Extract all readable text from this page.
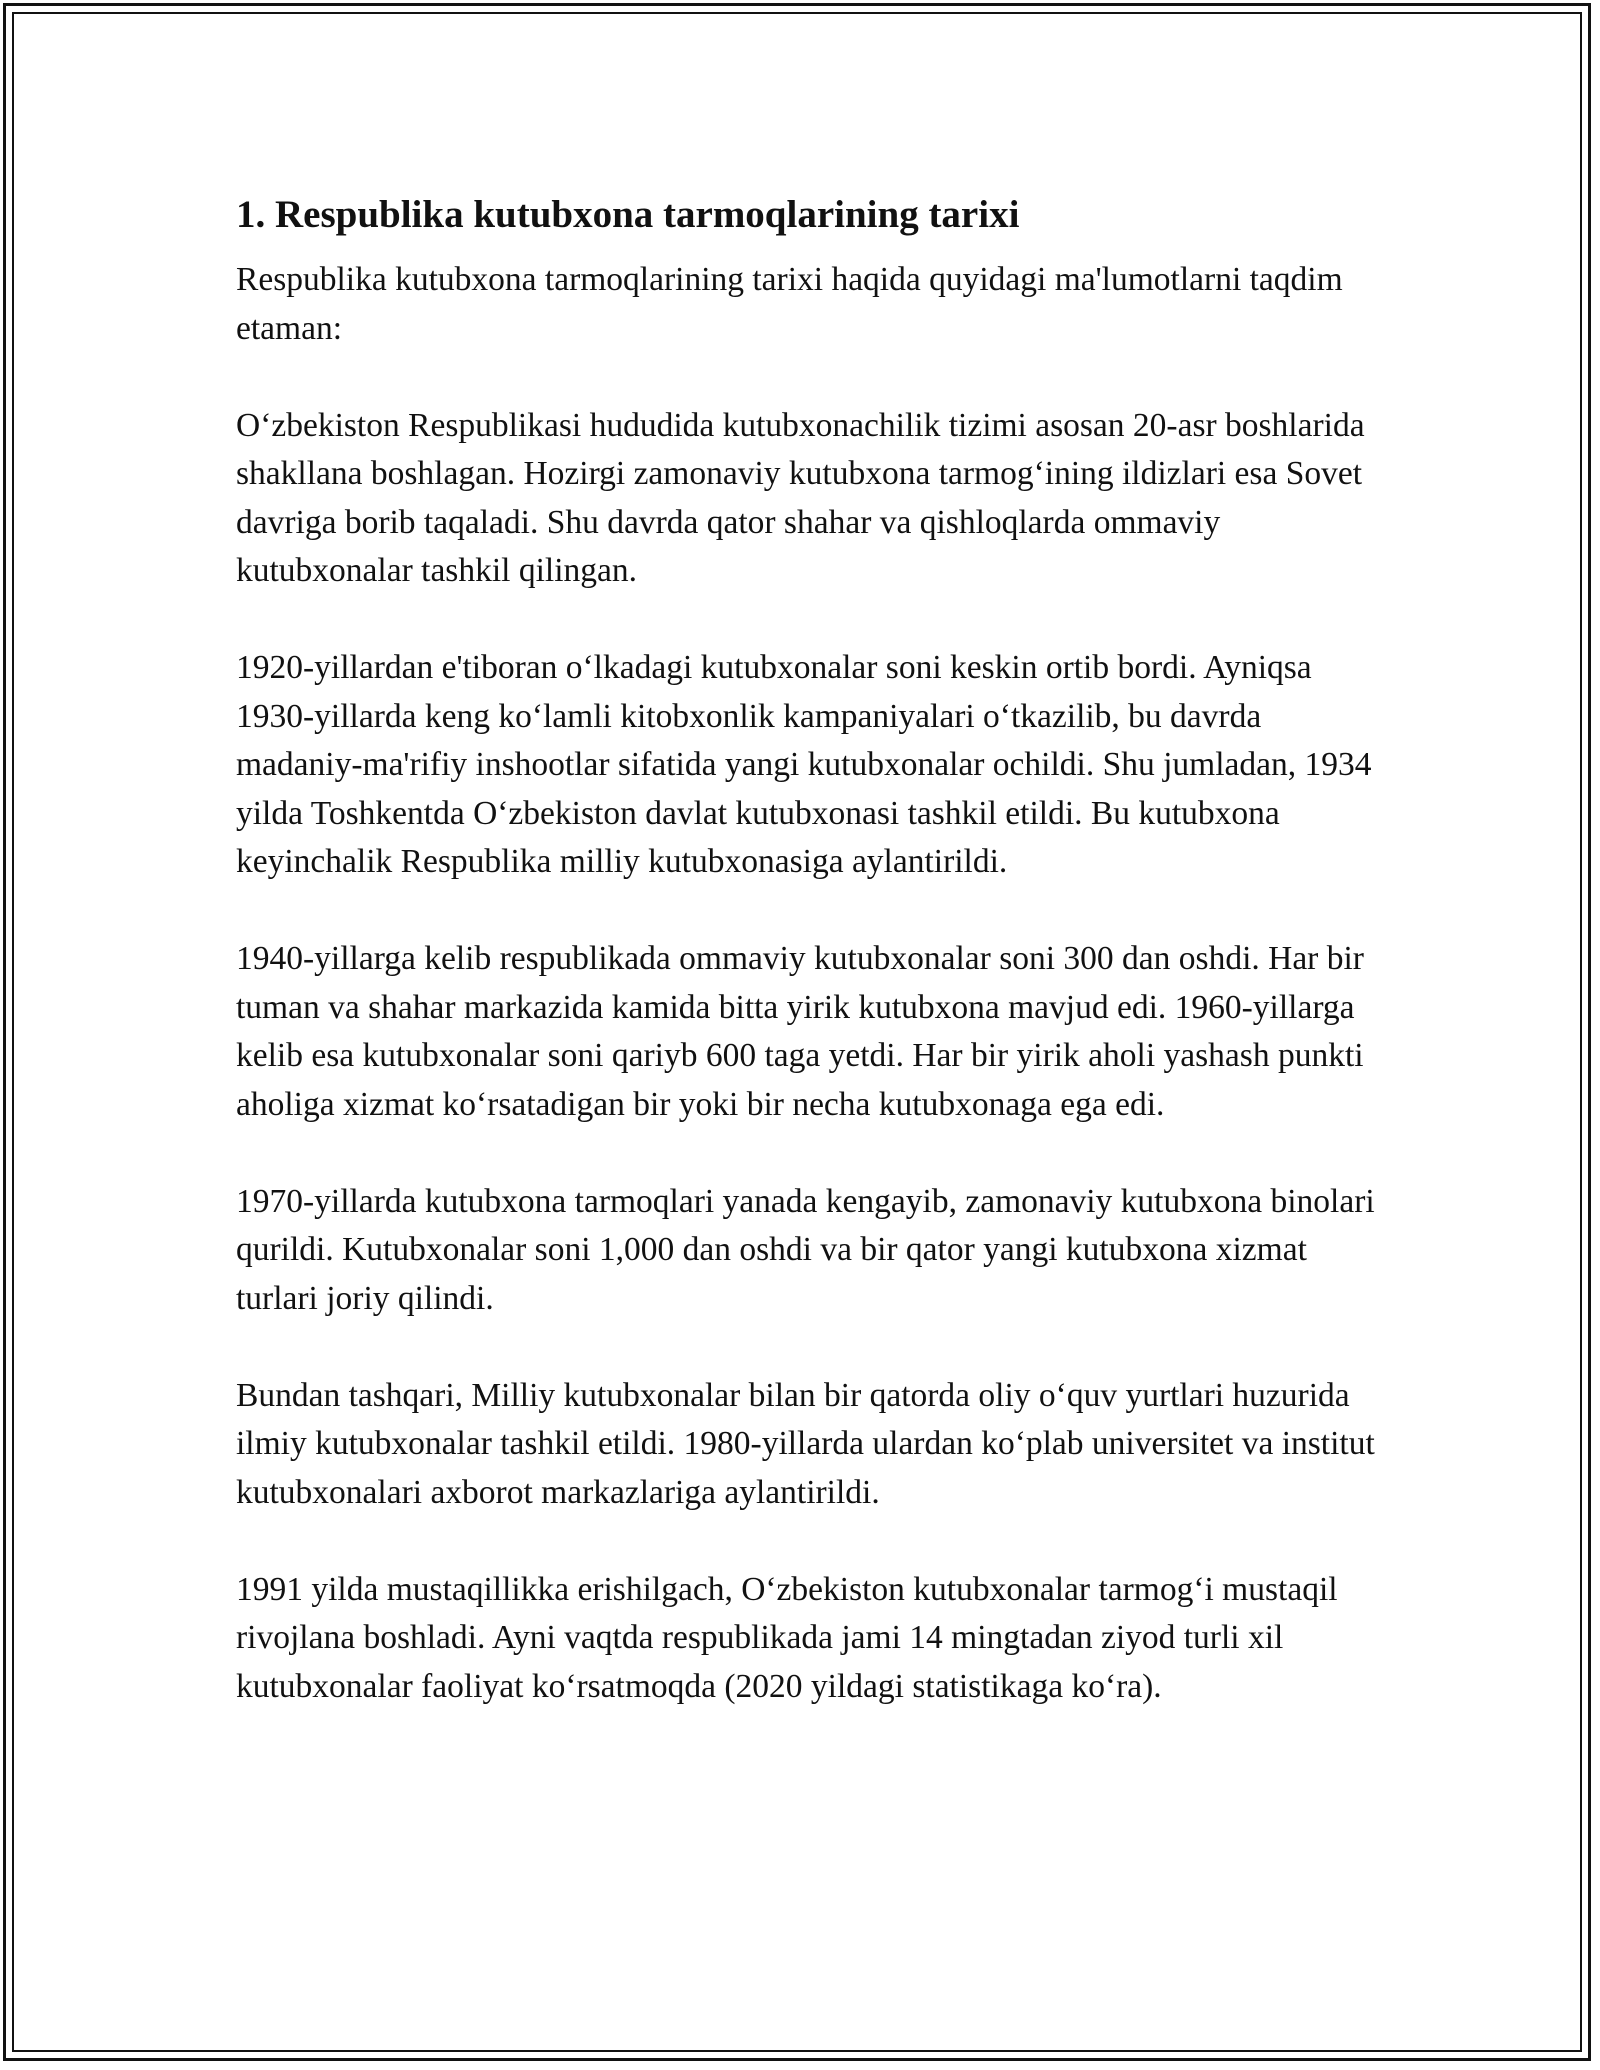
1. Respublika kutubxona tarmoqlarining tarixi

Respublika kutubxona tarmoqlarining tarixi haqida quyidagi ma'lumotlarni taqdim etaman:

O‘zbekiston Respublikasi hududida kutubxonachilik tizimi asosan 20-asr boshlarida shakllana boshlagan. Hozirgi zamonaviy kutubxona tarmog‘ining ildizlari esa Sovet davriga borib taqaladi. Shu davrda qator shahar va qishloqlarda ommaviy kutubxonalar tashkil qilingan.

1920-yillardan e'tiboran o‘lkadagi kutubxonalar soni keskin ortib bordi. Ayniqsa 1930-yillarda keng ko‘lamli kitobxonlik kampaniyalari o‘tkazilib, bu davrda madaniy-ma'rifiy inshootlar sifatida yangi kutubxonalar ochildi. Shu jumladan, 1934 yilda Toshkentda O‘zbekiston davlat kutubxonasi tashkil etildi. Bu kutubxona keyinchalik Respublika milliy kutubxonasiga aylantirildi.

1940-yillarga kelib respublikada ommaviy kutubxonalar soni 300 dan oshdi. Har bir tuman va shahar markazida kamida bitta yirik kutubxona mavjud edi. 1960-yillarga kelib esa kutubxonalar soni qariyb 600 taga yetdi. Har bir yirik aholi yashash punkti aholiga xizmat ko‘rsatadigan bir yoki bir necha kutubxonaga ega edi.

1970-yillarda kutubxona tarmoqlari yanada kengayib, zamonaviy kutubxona binolari qurildi. Kutubxonalar soni 1,000 dan oshdi va bir qator yangi kutubxona xizmat turlari joriy qilindi.

Bundan tashqari, Milliy kutubxonalar bilan bir qatorda oliy o‘quv yurtlari huzurida ilmiy kutubxonalar tashkil etildi. 1980-yillarda ulardan ko‘plab universitet va institut kutubxonalari axborot markazlariga aylantirildi.

1991 yilda mustaqillikka erishilgach, O‘zbekiston kutubxonalar tarmog‘i mustaqil rivojlana boshladi. Ayni vaqtda respublikada jami 14 mingtadan ziyod turli xil kutubxonalar faoliyat ko‘rsatmoqda (2020 yildagi statistikaga ko‘ra).
